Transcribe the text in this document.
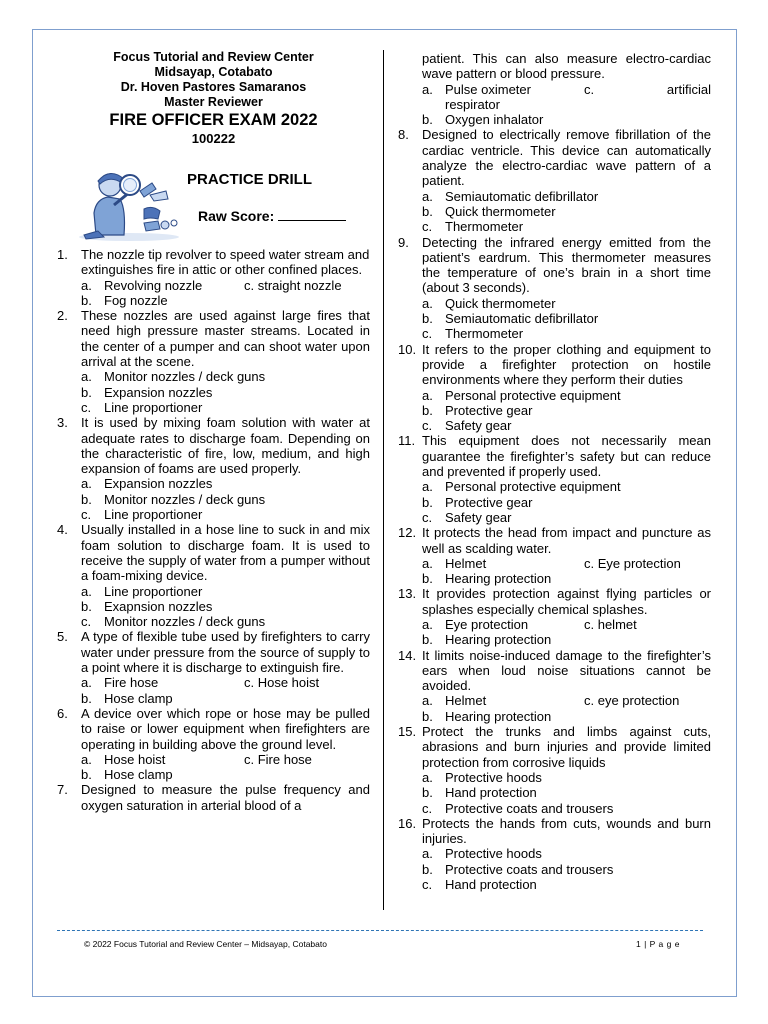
Focus Tutorial and Review Center
Midsayap, Cotabato
Dr. Hoven Pastores Samaranos
Master Reviewer
FIRE OFFICER EXAM 2022
100222
PRACTICE DRILL
Raw Score:
1.	The nozzle tip revolver to speed water stream and extinguishes fire in attic or other confined places.
a. Revolving nozzle	c. straight nozzle
b. Fog nozzle
2.	These nozzles are used against large fires that need high pressure master streams. Located in the center of a pumper and can shoot water upon arrival at the scene.
a. Monitor nozzles / deck guns
b. Expansion nozzles
c. Line proportioner
3.	It is used by mixing foam solution with water at adequate rates to discharge foam. Depending on the characteristic of fire, low, medium, and high expansion of foams are used properly.
a. Expansion nozzles
b. Monitor nozzles / deck guns
c. Line proportioner
4.	Usually installed in a hose line to suck in and mix foam solution to discharge foam. It is used to receive the supply of water from a pumper without a foam-mixing device.
a. Line proportioner
b. Exapnsion nozzles
c. Monitor nozzles / deck guns
5.	A type of flexible tube used by firefighters to carry water under pressure from the source of supply to a point where it is discharge to extinguish fire.
a. Fire hose	c. Hose hoist
b. Hose clamp
6.	A device over which rope or hose may be pulled to raise or lower equipment when firefighters are operating in building above the ground level.
a. Hose hoist	c. Fire hose
b. Hose clamp
7.	Designed to measure the pulse frequency and oxygen saturation in arterial blood of a
patient. This can also measure electro-cardiac wave pattern or blood pressure.
a. Pulse oximeter	c.	artificial
respirator
b. Oxygen inhalator
8.	Designed to electrically remove fibrillation of the cardiac ventricle. This device can automatically analyze the electro-cardiac wave pattern of a patient.
a. Semiautomatic defibrillator
b. Quick thermometer
c. Thermometer
9.	Detecting the infrared energy emitted from the patient’s eardrum. This thermometer measures the temperature of one’s brain in a short time (about 3 seconds).
a. Quick thermometer
b. Semiautomatic defibrillator
c. Thermometer
10. It refers to the proper clothing and equipment to provide a firefighter protection on hostile environments where they perform their duties
a. Personal protective equipment
b. Protective gear
c. Safety gear
11. This equipment does not necessarily mean guarantee the firefighter’s safety but can reduce and prevented if properly used.
a. Personal protective equipment
b. Protective gear
c. Safety gear
12. It protects the head from impact and puncture as well as scalding water.
a. Helmet	c. Eye protection
b. Hearing protection
13. It provides protection against flying particles or splashes especially chemical splashes.
a. Eye protection	c. helmet
b. Hearing protection
14. It limits noise-induced damage to the firefighter’s ears when loud noise situations cannot be avoided.
a. Helmet	c. eye protection
b. Hearing protection
15. Protect the trunks and limbs against cuts, abrasions and burn injuries and provide limited protection from corrosive liquids
a. Protective hoods
b. Hand protection
c. Protective coats and trousers
16. Protects the hands from cuts, wounds and burn injuries.
a. Protective hoods
b. Protective coats and trousers
c. Hand protection
© 2022 Focus Tutorial and Review Center – Midsayap, Cotabato	1 | P a g e
